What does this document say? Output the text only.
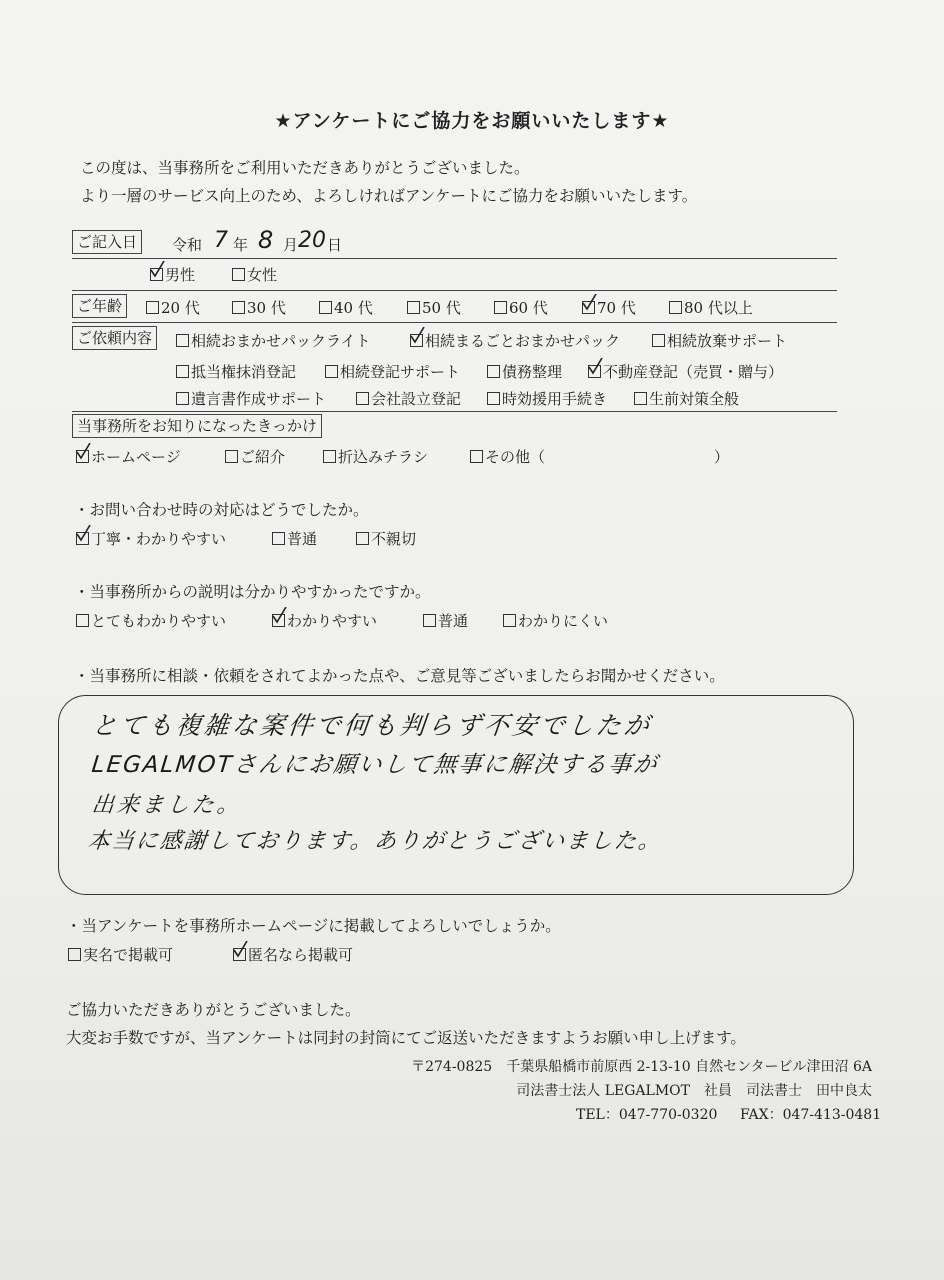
★アンケートにご協力をお願いいたします★
この度は、当事務所をご利用いただきありがとうございました。
より一層のサービス向上のため、よろしければアンケートにご協力をお願いいたします。
ご記入日	令和 7 年 8 月 20 日
男性	女性
ご年齢	20 代	30 代	40 代	50 代	60 代	70 代	80 代以上
ご依頼内容	相続おまかせパックライト	相続まるごとおまかせパック	相続放棄サポート
抵当権抹消登記	相続登記サポート	債務整理	不動産登記（売買・贈与）
遺言書作成サポート	会社設立登記	時効援用手続き	生前対策全般
当事務所をお知りになったきっかけ
ホームページ	ご紹介	折込みチラシ	その他（	）
・お問い合わせ時の対応はどうでしたか。
丁寧・わかりやすい	普通	不親切
・当事務所からの説明は分かりやすかったですか。
とてもわかりやすい	わかりやすい	普通	わかりにくい
・当事務所に相談・依頼をされてよかった点や、ご意見等ございましたらお聞かせください。
とても複雑な案件で何も判らず不安でしたが
LEGALMOTさんにお願いして無事に解決する事が
出来ました。
本当に感謝しております。ありがとうございました。
・当アンケートを事務所ホームページに掲載してよろしいでしょうか。
実名で掲載可	匿名なら掲載可
ご協力いただきありがとうございました。
大変お手数ですが、当アンケートは同封の封筒にてご返送いただきますようお願い申し上げます。
〒274-0825　千葉県船橋市前原西 2-13-10 自然センタービル津田沼 6A
司法書士法人 LEGALMOT　社員　司法書士　田中良太
TEL：047-770-0320 FAX：047-413-0481
